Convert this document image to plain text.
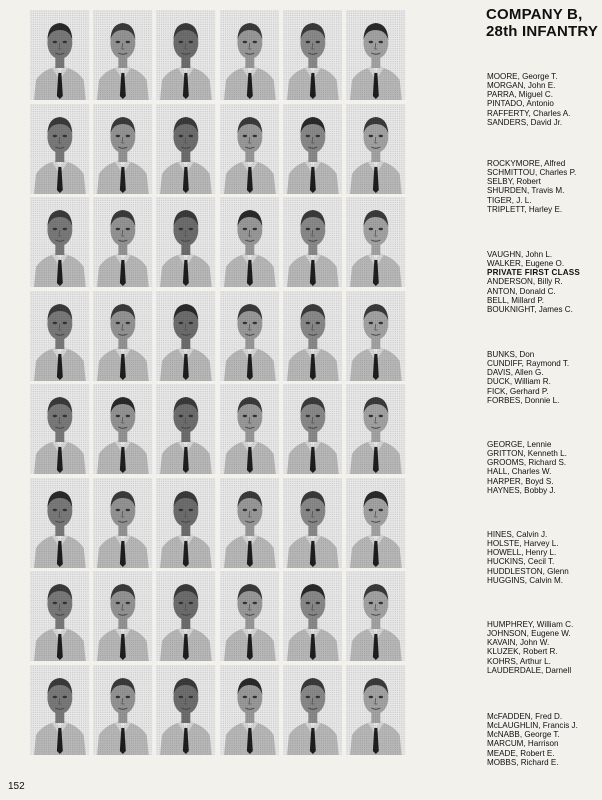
COMPANY B,
28th INFANTRY
MOORE, George T.
MORGAN, John E.
PARRA, Miguel C.
PINTADO, Antonio
RAFFERTY, Charles A.
SANDERS, David Jr.
ROCKYMORE, Alfred
SCHMITTOU, Charles P.
SELBY, Robert
SHURDEN, Travis M.
TIGER, J. L.
TRIPLETT, Harley E.
VAUGHN, John L.
WALKER, Eugene O.
PRIVATE FIRST CLASS
ANDERSON, Billy R.
ANTON, Donald C.
BELL, Millard P.
BOUKNIGHT, James C.
BUNKS, Don
CUNDIFF, Raymond T.
DAVIS, Allen G.
DUCK, William R.
FICK, Gerhard P.
FORBES, Donnie L.
GEORGE, Lennie
GRITTON, Kenneth L.
GROOMS, Richard S.
HALL, Charles W.
HARPER, Boyd S.
HAYNES, Bobby J.
HINES, Calvin J.
HOLSTE, Harvey L.
HOWELL, Henry L.
HUCKINS, Cecil T.
HUDDLESTON, Glenn
HUGGINS, Calvin M.
HUMPHREY, William C.
JOHNSON, Eugene W.
KAVAIN, John W.
KLUZEK, Robert R.
KOHRS, Arthur L.
LAUDERDALE, Darnell
McFADDEN, Fred D.
McLAUGHLIN, Francis J.
McNABB, George T.
MARCUM, Harrison
MEADE, Robert E.
MOBBS, Richard E.
152
